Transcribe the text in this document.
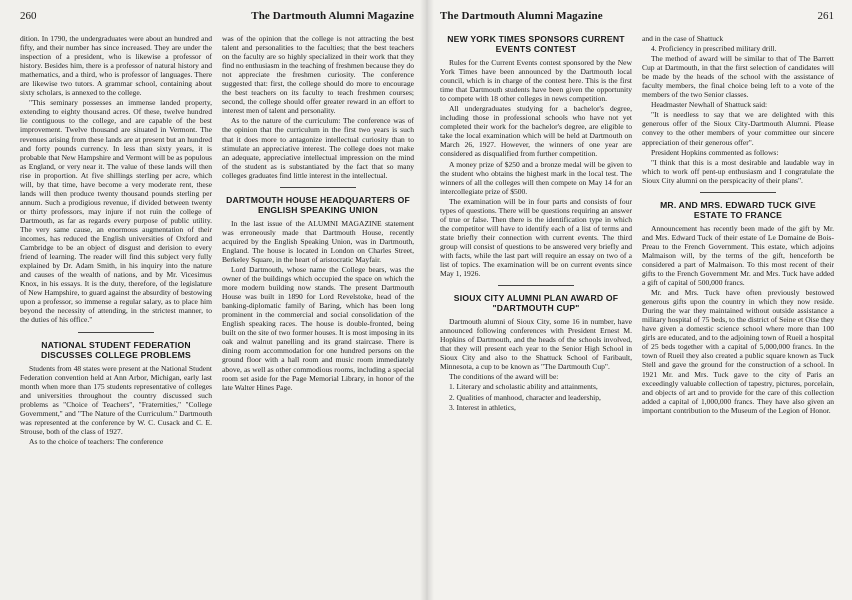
260	The Dartmouth Alumni Magazine

dition. In 1790, the undergraduates were about an hundred and fifty, and their number has since increased. They are under the inspection of a president, who is likewise a professor of history. Besides him, there is a professor of natural history and mathematics, and a third, who is professor of languages. There are likewise two tutors. A grammar school, containing about sixty scholars, is annexed to the college.

"This seminary possesses an immense landed property, extending to eighty thousand acres. Of these, twelve hundred lie contiguous to the college, and are capable of the best improvement. Twelve thousand are situated in Vermont. The revenues arising from these lands are at present but an hundred and forty pounds currency. In less than sixty years, it is probable that New Hampshire and Vermont will be as populous as England, or very near it. The value of these lands will then rise in proportion. At five shillings sterling per acre, which will, by that time, have become a very moderate rent, these lands will then produce twenty thousand pounds sterling per annum. Such a prodigious revenue, if divided between twenty or thirty professors, may injure if not ruin the college of Dartmouth, as far as regards every purpose of public utility. The very same cause, an enormous augmentation of their incomes, has reduced the English universities of Oxford and Cambridge to be an object of disgust and derision to every friend of learning. The reader will find this subject very fully explained by Dr. Adam Smith, in his inquiry into the nature and causes of the wealth of nations, and by Mr. Vicesimus Knox, in his essays. It is the duty, therefore, of the legislature of New Hampshire, to guard against the absurdity of bestowing upon a professor, so immense a regular salary, as to place him beyond the necessity of attending, in the strictest manner, to the duties of his office."

NATIONAL STUDENT FEDERATION DISCUSSES COLLEGE PROBLEMS

Students from 48 states were present at the National Student Federation convention held at Ann Arbor, Michigan, early last month when more than 175 students representative of colleges and universities throughout the country discussed such problems as "Choice of Teachers", "Fraternities," "College Government," and "The Nature of the Curriculum." Dartmouth was represented at the conference by W. C. Cusack and C. E. Strouse, both of the class of 1927.

As to the choice of teachers: The conference

was of the opinion that the college is not attracting the best talent and personalities to the faculties; that the best teachers on the faculty are so highly specialized in their work that they find no enthusiasm in the teaching of freshmen because they do not appreciate the freshmen curiosity. The conference suggested that: first, the college should do more to encourage the best teachers on its faculty to teach freshmen courses; second, the college should offer greater reward in an effort to interest men of talent and personality.

As to the nature of the curriculum: The conference was of the opinion that the curriculum in the first two years is such that it does more to antagonize intellectual curiosity than to stimulate an appreciative interest. The college does not make an adequate, appreciative intellectual impression on the mind of the student as is substantiated by the fact that so many colleges graduates find little interest in the intellectual.

DARTMOUTH HOUSE HEADQUARTERS OF ENGLISH SPEAKING UNION

In the last issue of the ALUMNI MAGAZINE statement was erroneously made that Dartmouth House, recently acquired by the English Speaking Union, was in Dartmouth, England. The house is located in London on Charles Street, Berkeley Square, in the heart of aristocratic Mayfair.

Lord Dartmouth, whose name the College bears, was the owner of the buildings which occupied the space on which the more modern building now stands. The present Dartmouth House was built in 1890 for Lord Revelstoke, head of the banking-diplomatic family of Baring, which has been long prominent in the commercial and social consolidation of the English speaking races. The house is double-fronted, being built on the site of two former houses. It is most imposing in its oak and walnut panelling and its grand staircase. There is dining room accommodation for one hundred persons on the ground floor with a hall room and music room immediately above, as well as other commodious rooms, including a special room set aside for the Page Memorial Library, in honor of the late Walter Hines Page.

The Dartmouth Alumni Magazine	261
NEW YORK TIMES SPONSORS CURRENT EVENTS CONTEST

Rules for the Current Events contest sponsored by the New York Times have been announced by the Dartmouth local council, which is in charge of the contest here. This is the first time that Dartmouth students have been given the opportunity to compete with 18 other colleges in news competition.

All undergraduates studying for a bachelor's degree, including those in professional schools who have not yet completed their work for the bachelor's degree, are eligible to take the local examination which will be held at Dartmouth on March 26, 1927. However, the winners of one year are considered as disqualified from further competition.

A money prize of $250 and a bronze medal will be given to the student who obtains the highest mark in the local test. The winners of all the colleges will then compete on May 14 for an intercollegiate prize of $500.

The examination will be in four parts and consists of four types of questions. There will be questions requiring an answer of true or false. Then there is the identification type in which the competitor will have to identify each of a list of terms and state briefly their connection with current events. The third group will consist of questions to be answered very briefly and with facts, while the last part will require an essay on two of a list of topics. The examination will be on current events since May 1, 1926.

SIOUX CITY ALUMNI PLAN AWARD OF "DARTMOUTH CUP"

Dartmouth alumni of Sioux City, some 16 in number, have announced following conferences with President Ernest M. Hopkins of Dartmouth, and the heads of the schools involved, that they will present each year to the Senior High School in Sioux City and also to the Shattuck School of Faribault, Minnesota, a cup to be known as "The Dartmouth Cup".

The conditions of the award will be:

1. Literary and scholastic ability and attainments,

2. Qualities of manhood, character and leadership,

3. Interest in athletics,

and in the case of Shattuck

4. Proficiency in prescribed military drill.

The method of award will be similar to that of The Barrett Cup at Dartmouth, in that the first selection of candidates will be made by the heads of the school with the assistance of faculty members, the final choice being left to a vote of the members of the two Senior classes.

Headmaster Newhall of Shattuck said:

"It is needless to say that we are delighted with this generous offer of the Sioux City-Dartmouth Alumni. Please convey to the other members of your committee our sincere appreciation of their generous offer".

President Hopkins commented as follows:

"I think that this is a most desirable and laudable way in which to work off pent-up enthusiasm and I congratulate the Sioux City alumni on the perspicacity of their plans".

MR. AND MRS. EDWARD TUCK GIVE ESTATE TO FRANCE

Announcement has recently been made of the gift by Mr. and Mrs. Edward Tuck of their estate of Le Domaine de Bois-Preau to the French Government. This estate, which adjoins Malmaison will, by the terms of the gift, henceforth be considered a part of Malmaison. To this most recent of their gifts to the French Government Mr. and Mrs. Tuck have added a gift of capital of 500,000 francs.

Mr. and Mrs. Tuck have often previously bestowed generous gifts upon the country in which they now reside. During the war they maintained without outside assistance a military hospital of 75 beds, to the district of Seine et Oise they have given a domestic science school where more than 100 girls are educated, and to the adjoining town of Rueil a hospital of 25 beds together with a capital of 5,000,000 francs. In the town of Rueil they also created a public square known as Tuck Stell and gave the ground for the construction of a school. In 1921 Mr. and Mrs. Tuck gave to the city of Paris an exceedingly valuable collection of tapestry, pictures, porcelain, and objects of art and to provide for the care of this collection added a capital of 1,000,000 francs. They have also given an important contribution to the Museum of the Legion of Honor.
